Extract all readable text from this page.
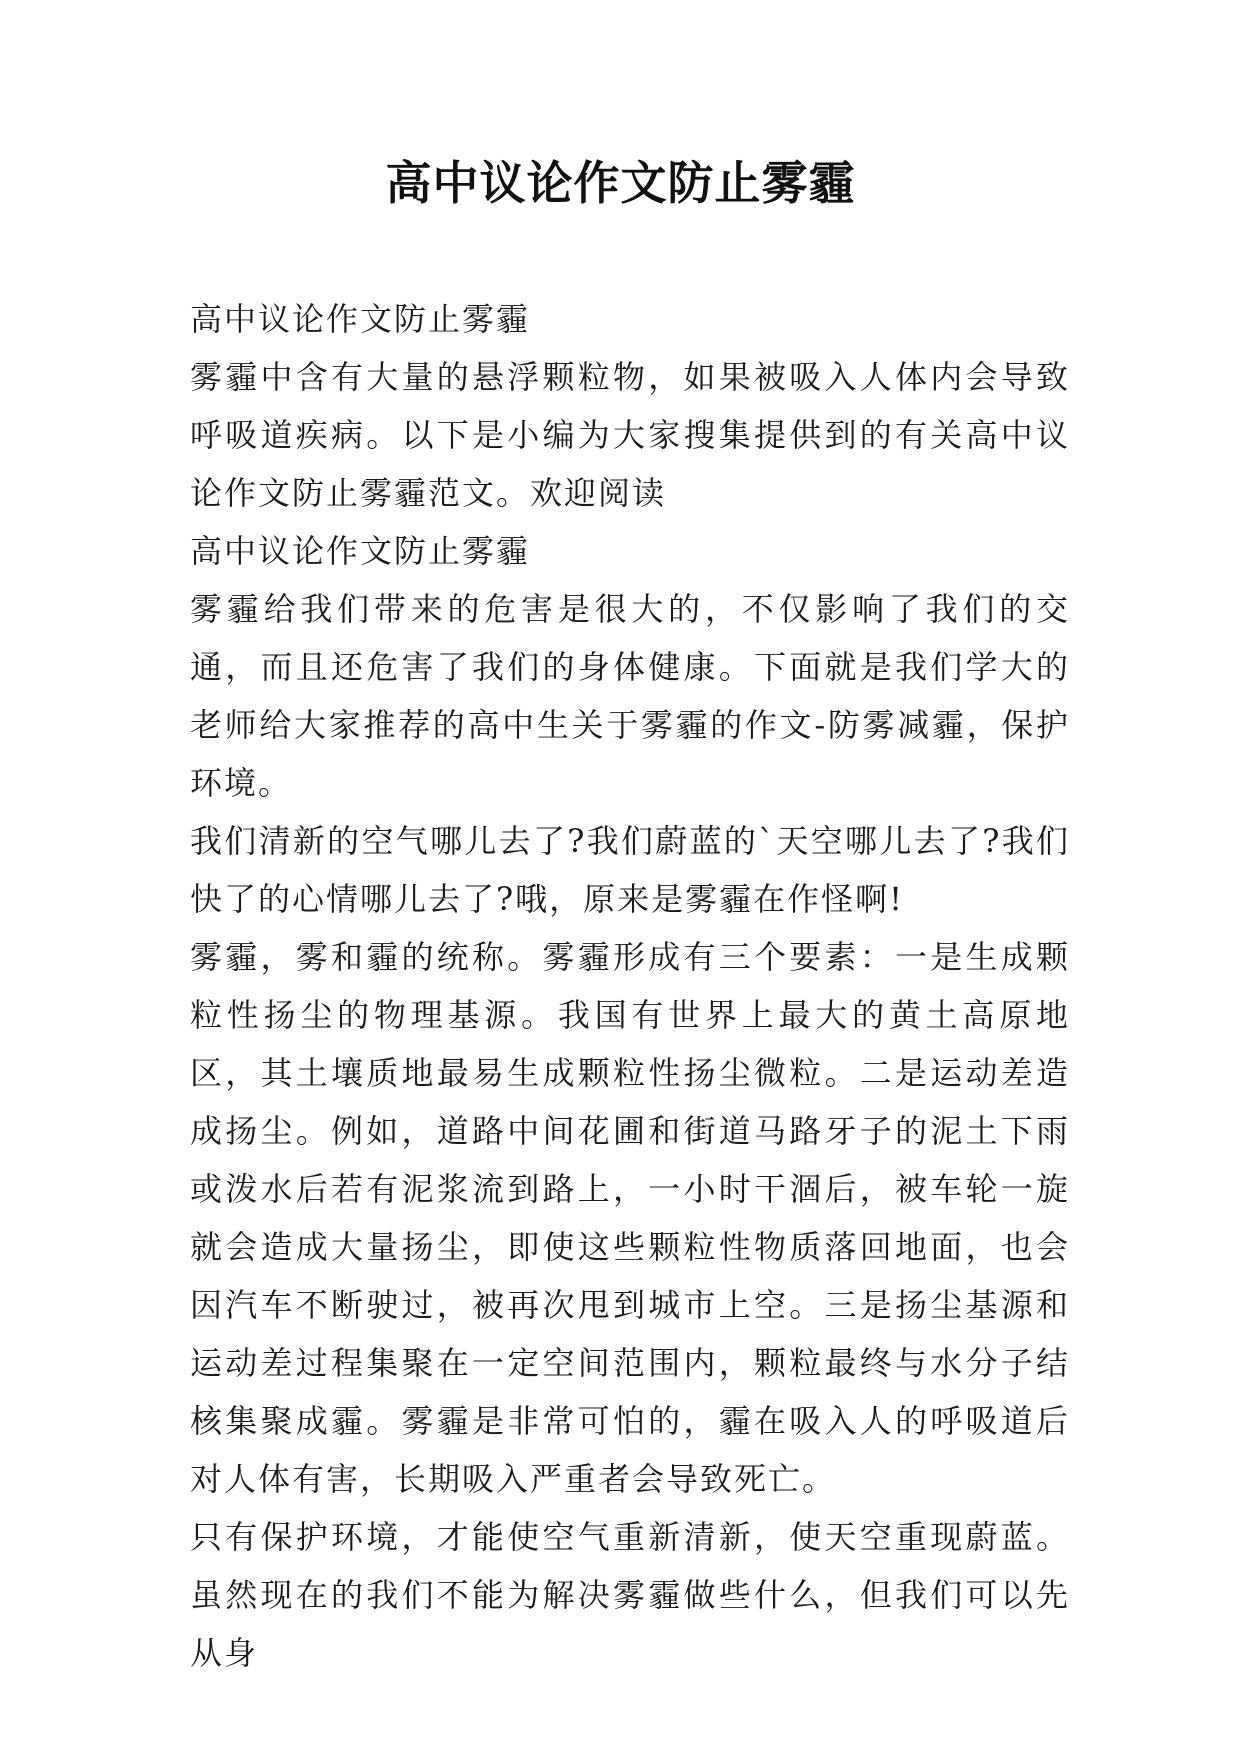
高中议论作文防止雾霾

高中议论作文防止雾霾

雾霾中含有大量的悬浮颗粒物，如果被吸入人体内会导致呼吸道疾病。以下是小编为大家搜集提供到的有关高中议论作文防止雾霾范文。欢迎阅读

高中议论作文防止雾霾

雾霾给我们带来的危害是很大的，不仅影响了我们的交通，而且还危害了我们的身体健康。下面就是我们学大的老师给大家推荐的高中生关于雾霾的作文-防雾减霾，保护环境。

我们清新的空气哪儿去了?我们蔚蓝的`天空哪儿去了?我们快了的心情哪儿去了?哦，原来是雾霾在作怪啊!

雾霾，雾和霾的统称。雾霾形成有三个要素：一是生成颗粒性扬尘的物理基源。我国有世界上最大的黄土高原地区，其土壤质地最易生成颗粒性扬尘微粒。二是运动差造成扬尘。例如，道路中间花圃和街道马路牙子的泥土下雨或泼水后若有泥浆流到路上，一小时干涸后，被车轮一旋就会造成大量扬尘，即使这些颗粒性物质落回地面，也会因汽车不断驶过，被再次甩到城市上空。三是扬尘基源和运动差过程集聚在一定空间范围内，颗粒最终与水分子结核集聚成霾。雾霾是非常可怕的，霾在吸入人的呼吸道后对人体有害，长期吸入严重者会导致死亡。

只有保护环境，才能使空气重新清新，使天空重现蔚蓝。虽然现在的我们不能为解决雾霾做些什么，但我们可以先从身
